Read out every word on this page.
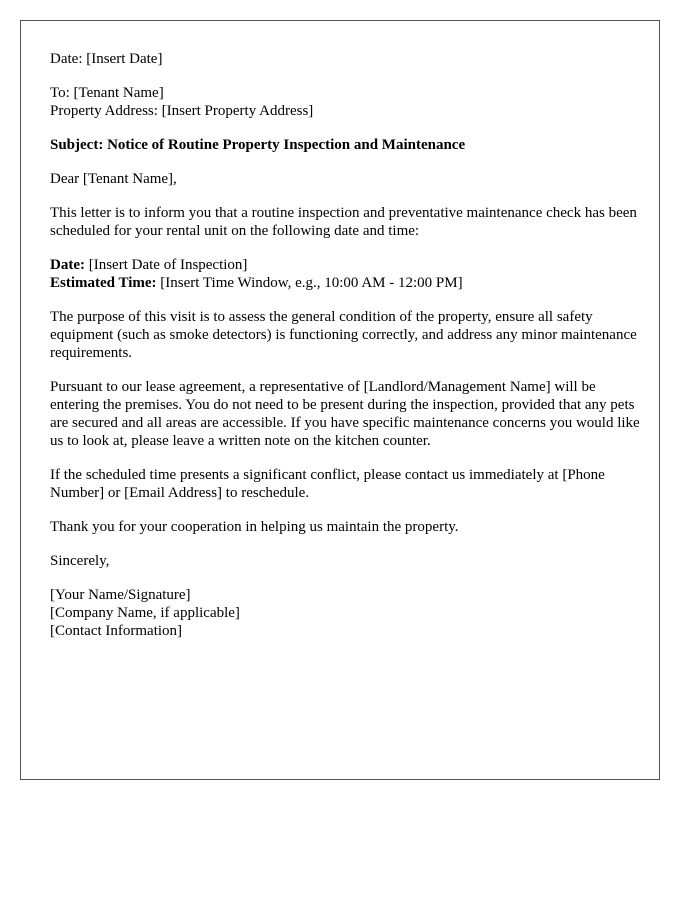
Date: [Insert Date]

To: [Tenant Name]
Property Address: [Insert Property Address]

Subject: Notice of Routine Property Inspection and Maintenance

Dear [Tenant Name],

This letter is to inform you that a routine inspection and preventative maintenance check has been scheduled for your rental unit on the following date and time:

Date: [Insert Date of Inspection]
Estimated Time: [Insert Time Window, e.g., 10:00 AM - 12:00 PM]

The purpose of this visit is to assess the general condition of the property, ensure all safety equipment (such as smoke detectors) is functioning correctly, and address any minor maintenance requirements.

Pursuant to our lease agreement, a representative of [Landlord/Management Name] will be entering the premises. You do not need to be present during the inspection, provided that any pets are secured and all areas are accessible. If you have specific maintenance concerns you would like us to look at, please leave a written note on the kitchen counter.

If the scheduled time presents a significant conflict, please contact us immediately at [Phone Number] or [Email Address] to reschedule.

Thank you for your cooperation in helping us maintain the property.

Sincerely,

[Your Name/Signature]
[Company Name, if applicable]
[Contact Information]
